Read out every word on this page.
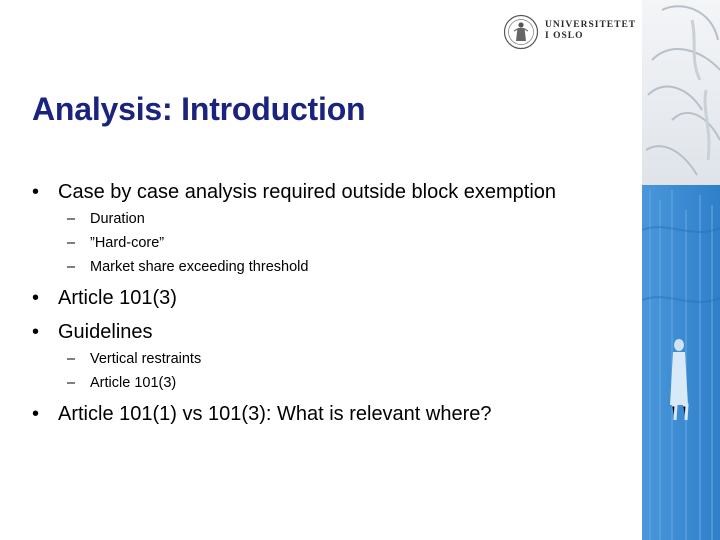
UNIVERSITETET
I OSLO
Analysis: Introduction
• Case by case analysis required outside block exemption
– Duration
– ”Hard-core”
– Market share exceeding threshold
• Article 101(3)
• Guidelines
– Vertical restraints
– Article 101(3)
• Article 101(1) vs 101(3): What is relevant where?
